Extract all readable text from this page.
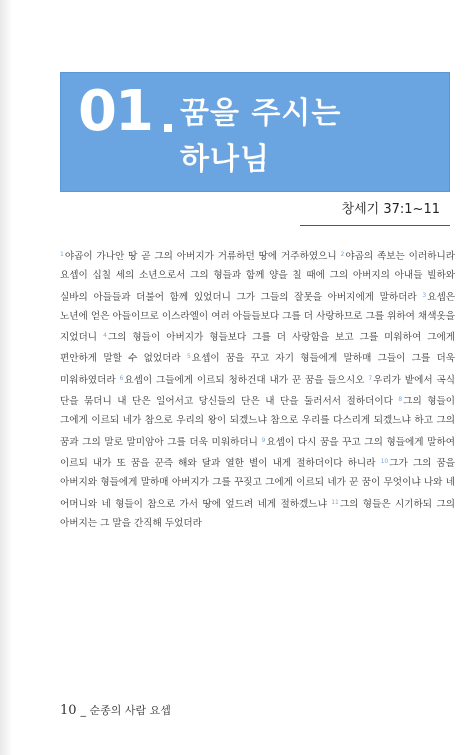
01 꿈을 주시는
하나님
창세기 37:1~11
$^1$야곱이 가나안 땅 곧 그의 아버지가 거류하던 땅에 거주하였으니 $^2$야곱의 족보는 이러하니라 요셉이 십칠 세의 소년으로서 그의 형들과 함께 양을 칠 때에 그의 아버지의 아내들 빌하와 실바의 아들들과 더불어 함께 있었더니 그가 그들의 잘못을 아버지에게 말하더라 $^3$요셉은 노년에 얻은 아들이므로 이스라엘이 여러 아들들보다 그를 더 사랑하므로 그를 위하여 채색옷을 지었더니 $^4$그의 형들이 아버지가 형들보다 그를 더 사랑함을 보고 그를 미워하여 그에게 편안하게 말할 수 없었더라 $^5$요셉이 꿈을 꾸고 자기 형들에게 말하매 그들이 그를 더욱 미워하였더라 $^6$요셉이 그들에게 이르되 청하건대 내가 꾼 꿈을 들으시오 $^7$우리가 밭에서 곡식 단을 묶더니 내 단은 일어서고 당신들의 단은 내 단을 둘러서서 절하더이다 $^8$그의 형들이 그에게 이르되 네가 참으로 우리의 왕이 되겠느냐 참으로 우리를 다스리게 되겠느냐 하고 그의 꿈과 그의 말로 말미암아 그를 더욱 미워하더니 $^9$요셉이 다시 꿈을 꾸고 그의 형들에게 말하여 이르되 내가 또 꿈을 꾼즉 해와 달과 열한 별이 내게 절하더이다 하니라 $^{10}$그가 그의 꿈을 아버지와 형들에게 말하매 아버지가 그를 꾸짖고 그에게 이르되 네가 꾼 꿈이 무엇이냐 나와 네 어머니와 네 형들이 참으로 가서 땅에 엎드려 네게 절하겠느냐 $^{11}$그의 형들은 시기하되 그의 아버지는 그 말을 간직해 두었더라
10 _ 순종의 사람 요셉
